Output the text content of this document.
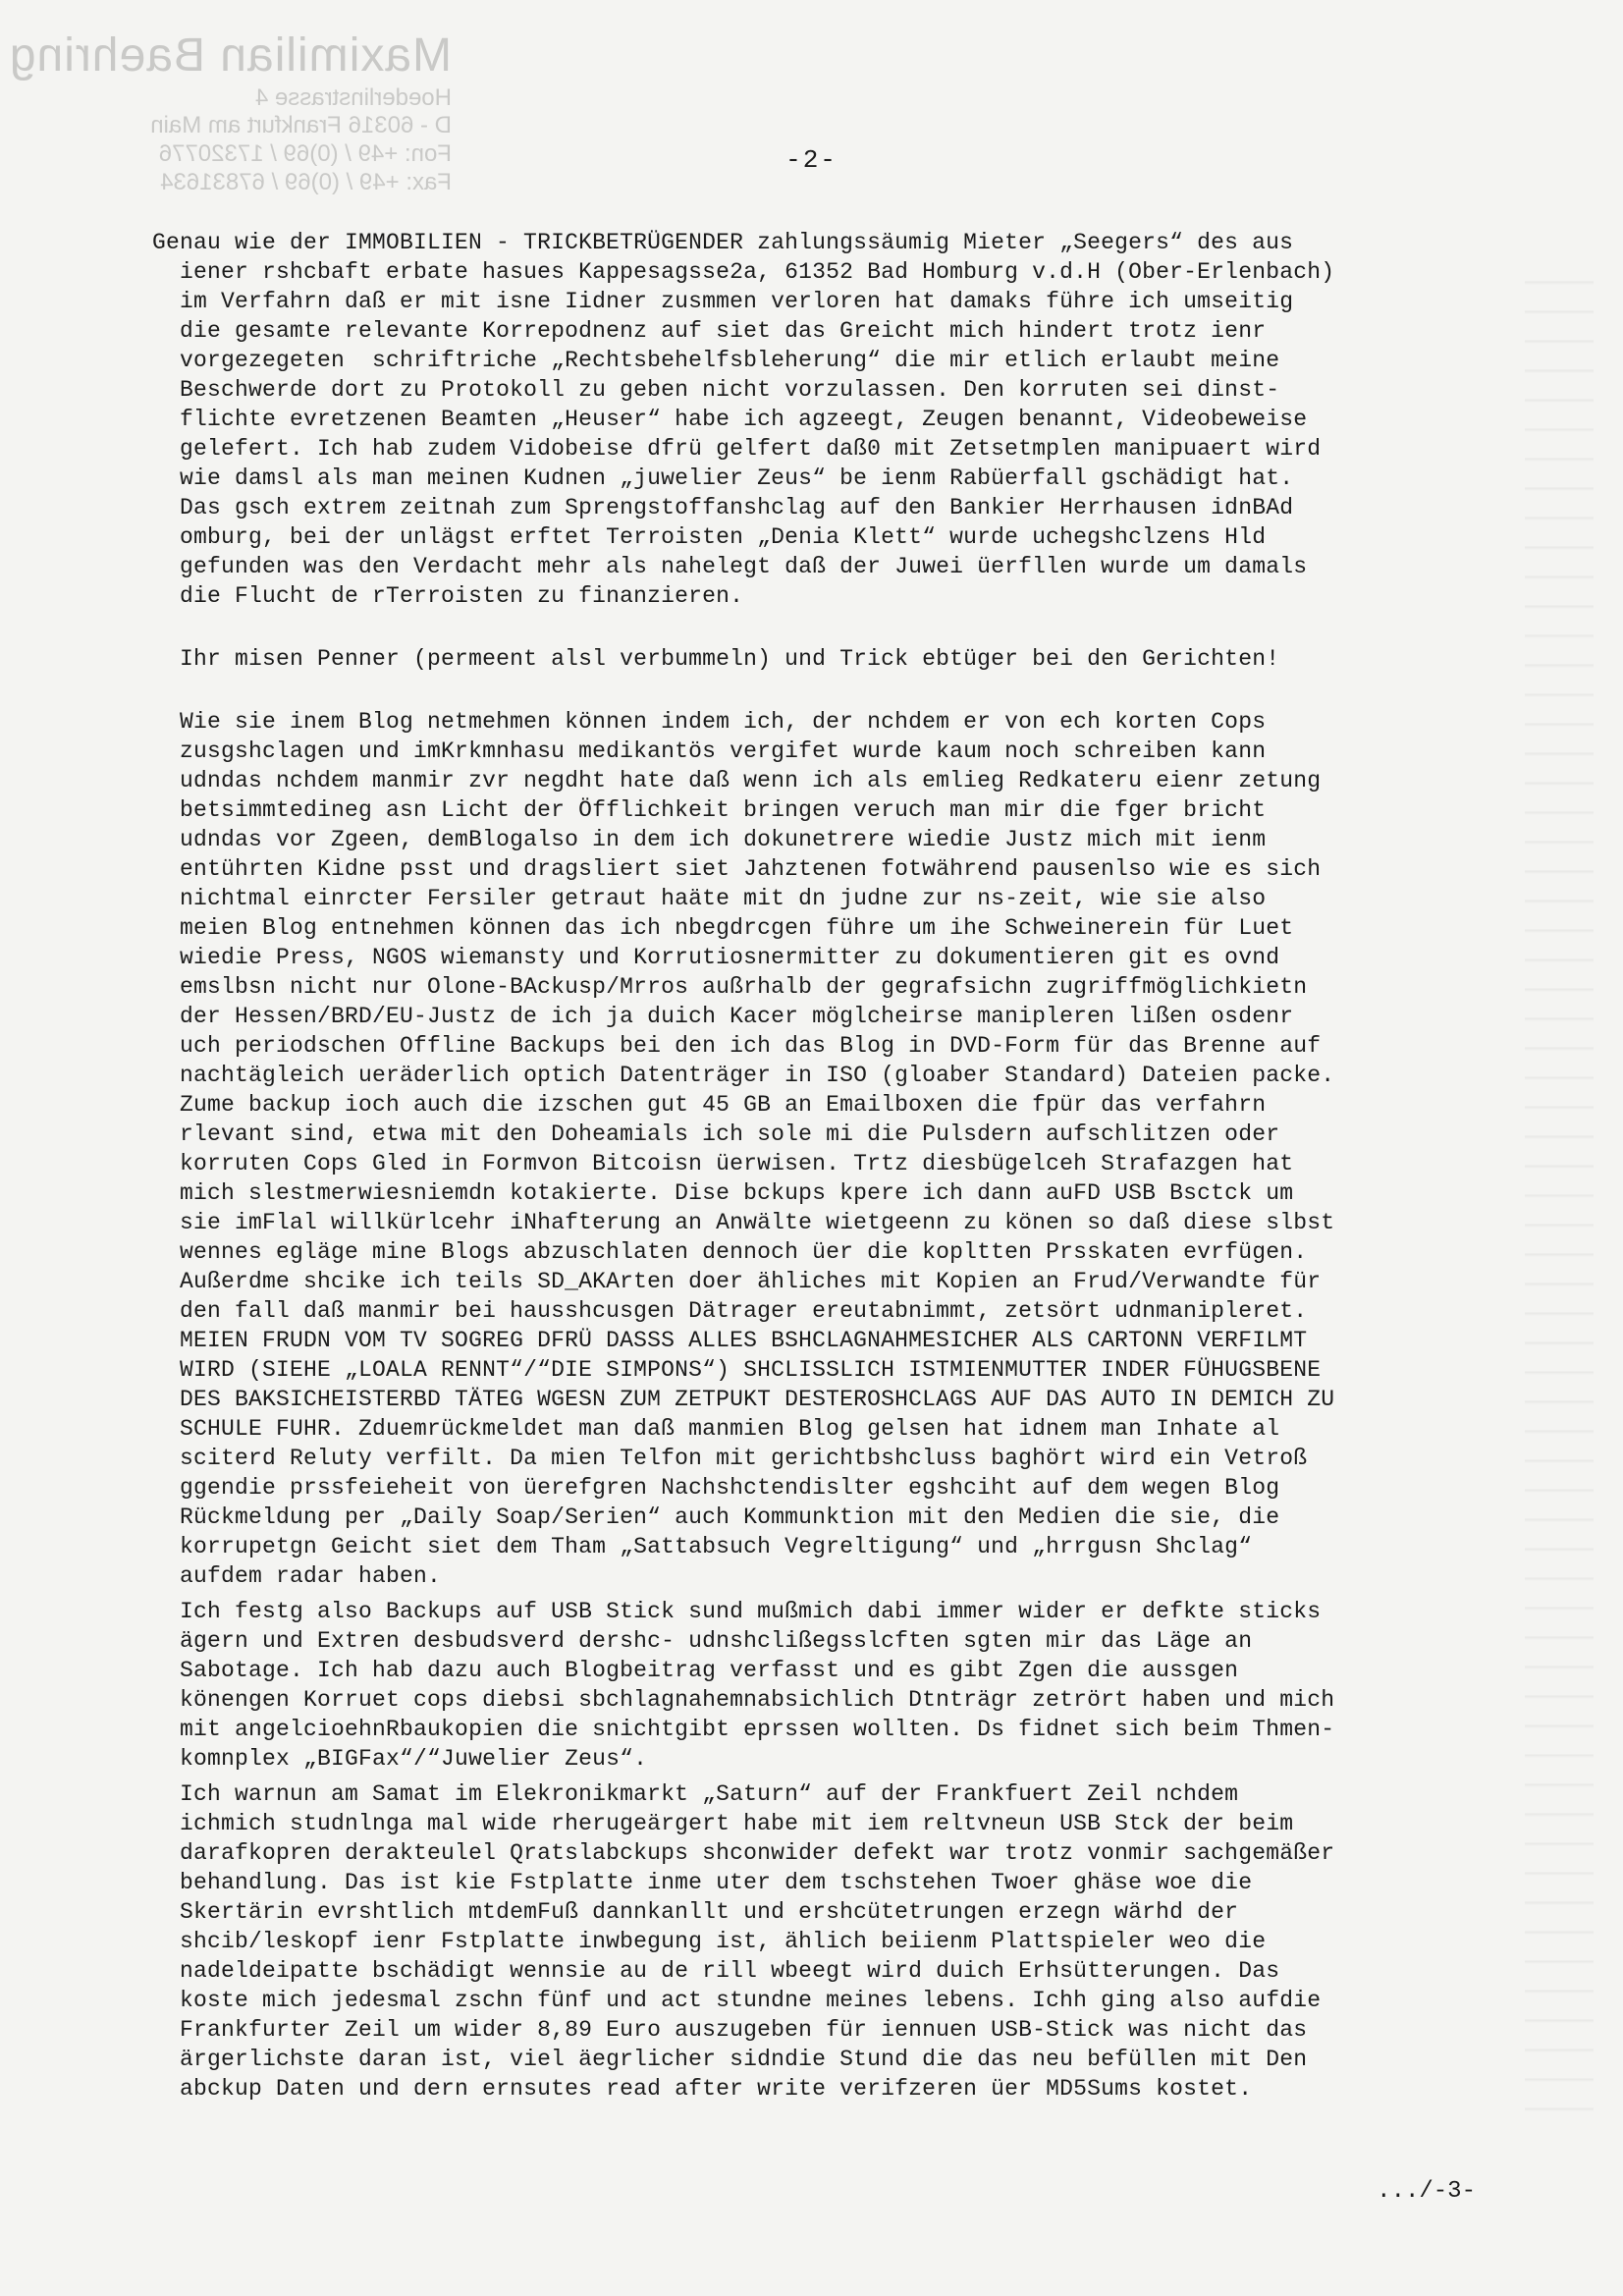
Maximilian Baehring
Hoederlinstrasse 4
D - 60316 Frankfurt am Main
Fon: +49 / (0)69 / 17320776
Fax: +49 / (0)69 / 67831634
-2-
Genau wie der IMMOBILIEN - TRICKBETRÜGENDER zahlungssäumig Mieter „Seegers“ des aus
iener rshcbaft erbate hasues Kappesagsse2a, 61352 Bad Homburg v.d.H (Ober-Erlenbach)
im Verfahrn daß er mit isne Iidner zusmmen verloren hat damaks führe ich umseitig
die gesamte relevante Korrepodnenz auf siet das Greicht mich hindert trotz ienr
vorgezegeten  schriftriche „Rechtsbehelfsbleherung“ die mir etlich erlaubt meine
Beschwerde dort zu Protokoll zu geben nicht vorzulassen. Den korruten sei dinst-
flichte evretzenen Beamten „Heuser“ habe ich agzeegt, Zeugen benannt, Videobeweise
gelefert. Ich hab zudem Vidobeise dfrü gelfert daß0 mit Zetsetmplen manipuaert wird
wie damsl als man meinen Kudnen „juwelier Zeus“ be ienm Rabüerfall gschädigt hat.
Das gsch extrem zeitnah zum Sprengstoffanshclag auf den Bankier Herrhausen idnBAd
omburg, bei der unlägst erftet Terroisten „Denia Klett“ wurde uchegshclzens Hld
gefunden was den Verdacht mehr als nahelegt daß der Juwei üerfllen wurde um damals
die Flucht de rTerroisten zu finanzieren.
Ihr misen Penner (permeent alsl verbummeln) und Trick ebtüger bei den Gerichten!
Wie sie inem Blog netmehmen können indem ich, der nchdem er von ech korten Cops
zusgshclagen und imKrkmnhasu medikantös vergifet wurde kaum noch schreiben kann
udndas nchdem manmir zvr negdht hate daß wenn ich als emlieg Redkateru eienr zetung
betsimmtedineg asn Licht der Öfflichkeit bringen veruch man mir die fger bricht
udndas vor Zgeen, demBlogalso in dem ich dokunetrere wiedie Justz mich mit ienm
entührten Kidne psst und dragsliert siet Jahztenen fotwährend pausenlso wie es sich
nichtmal einrcter Fersiler getraut haäte mit dn judne zur ns-zeit, wie sie also
meien Blog entnehmen können das ich nbegdrcgen führe um ihe Schweinerein für Luet
wiedie Press, NGOS wiemansty und Korrutiosnermitter zu dokumentieren git es ovnd
emslbsn nicht nur Olone-BAckusp/Mrros außrhalb der gegrafsichn zugriffmöglichkietn
der Hessen/BRD/EU-Justz de ich ja duich Kacer möglcheirse manipleren lißen osdenr
uch periodschen Offline Backups bei den ich das Blog in DVD-Form für das Brenne auf
nachtägleich ueräderlich optich Datenträger in ISO (gloaber Standard) Dateien packe.
Zume backup ioch auch die izschen gut 45 GB an Emailboxen die fpür das verfahrn
rlevant sind, etwa mit den Doheamials ich sole mi die Pulsdern aufschlitzen oder
korruten Cops Gled in Formvon Bitcoisn üerwisen. Trtz diesbügelceh Strafazgen hat
mich slestmerwiesniemdn kotakierte. Dise bckups kpere ich dann auFD USB Bsctck um
sie imFlal willkürlcehr iNhafterung an Anwälte wietgeenn zu könen so daß diese slbst
wennes egläge mine Blogs abzuschlaten dennoch üer die kopltten Prsskaten evrfügen.
Außerdme shcike ich teils SD_AKArten doer ähliches mit Kopien an Frud/Verwandte für
den fall daß manmir bei hausshcusgen Dätrager ereutabnimmt, zetsört udnmanipleret.
MEIEN FRUDN VOM TV SOGREG DFRÜ DASSS ALLES BSHCLAGNAHMESICHER ALS CARTONN VERFILMT
WIRD (SIEHE „LOALA RENNT“/“DIE SIMPONS“) SHCLISSLICH ISTMIENMUTTER INDER FÜHUGSBENE
DES BAKSICHEISTERBD TÄTEG WGESN ZUM ZETPUKT DESTEROSHCLAGS AUF DAS AUTO IN DEMICH ZU
SCHULE FUHR. Zduemrückmeldet man daß manmien Blog gelsen hat idnem man Inhate al
sciterd Reluty verfilt. Da mien Telfon mit gerichtbshcluss baghört wird ein Vetroß
ggendie prssfeieheit von üerefgren Nachshctendislter egshciht auf dem wegen Blog
Rückmeldung per „Daily Soap/Serien“ auch Kommunktion mit den Medien die sie, die
korrupetgn Geicht siet dem Tham „Sattabsuch Vegreltigung“ und „hrrgusn Shclag“
aufdem radar haben.
Ich festg also Backups auf USB Stick sund mußmich dabi immer wider er defkte sticks
ägern und Extren desbudsverd dershc- udnshclißegsslcften sgten mir das Läge an
Sabotage. Ich hab dazu auch Blogbeitrag verfasst und es gibt Zgen die aussgen
könengen Korruet cops diebsi sbchlagnahemnabsichlich Dtnträgr zetrört haben und mich
mit angelcioehnRbaukopien die snichtgibt eprssen wollten. Ds fidnet sich beim Thmen-
komnplex „BIGFax“/“Juwelier Zeus“.
Ich warnun am Samat im Elekronikmarkt „Saturn“ auf der Frankfuert Zeil nchdem
ichmich studnlnga mal wide rherugeärgert habe mit iem reltvneun USB Stck der beim
darafkopren derakteulel Qratslabckups shconwider defekt war trotz vonmir sachgemäßer
behandlung. Das ist kie Fstplatte inme uter dem tschstehen Twoer ghäse woe die
Skertärin evrshtlich mtdemFuß dannkanllt und ershcütetrungen erzegn wärhd der
shcib/leskopf ienr Fstplatte inwbegung ist, ählich beiienm Plattspieler weo die
nadeldeipatte bschädigt wennsie au de rill wbeegt wird duich Erhsütterungen. Das
koste mich jedesmal zschn fünf und act stundne meines lebens. Ichh ging also aufdie
Frankfurter Zeil um wider 8,89 Euro auszugeben für iennuen USB-Stick was nicht das
ärgerlichste daran ist, viel äegrlicher sidndie Stund die das neu befüllen mit Den
abckup Daten und dern ernsutes read after write verifzeren üer MD5Sums kostet.
.../-3-
